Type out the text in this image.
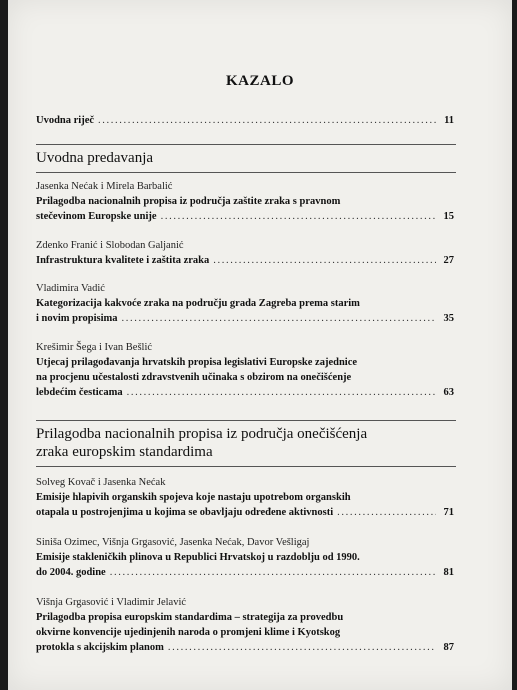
KAZALO
Uvodna riječ . . .	11
Uvodna predavanja
Jasenka Nećak i Mirela Barbalić
Prilagodba nacionalnih propisa iz područja zaštite zraka s pravnom
stečevinom Europske unije . . .	15
Zdenko Franić i Slobodan Galjanić
Infrastruktura kvalitete i zaštita zraka . . .	27
Vladimira Vadić
Kategorizacija kakvoće zraka na području grada Zagreba prema starim
i novim propisima . . .	35
Krešimir Šega i Ivan Bešlić
Utjecaj prilagođavanja hrvatskih propisa legislativi Europske zajednice
na procjenu učestalosti zdravstvenih učinaka s obzirom na onečišćenje
lebdećim česticama . . .	63
Prilagodba nacionalnih propisa iz područja onečišćenja
zraka europskim standardima
Solveg Kovač i Jasenka Nećak
Emisije hlapivih organskih spojeva koje nastaju upotrebom organskih
otapala u postrojenjima u kojima se obavljaju određene aktivnosti . . .	71
Siniša Ozimec, Višnja Grgasović, Jasenka Nećak, Davor Vešligaj
Emisije stakleničkih plinova u Republici Hrvatskoj u razdoblju od 1990.
do 2004. godine . . .	81
Višnja Grgasović i Vladimir Jelavić
Prilagodba propisa europskim standardima – strategija za provedbu
okvirne konvencije ujedinjenih naroda o promjeni klime i Kyotskog
protokla s akcijskim planom . . .	87
